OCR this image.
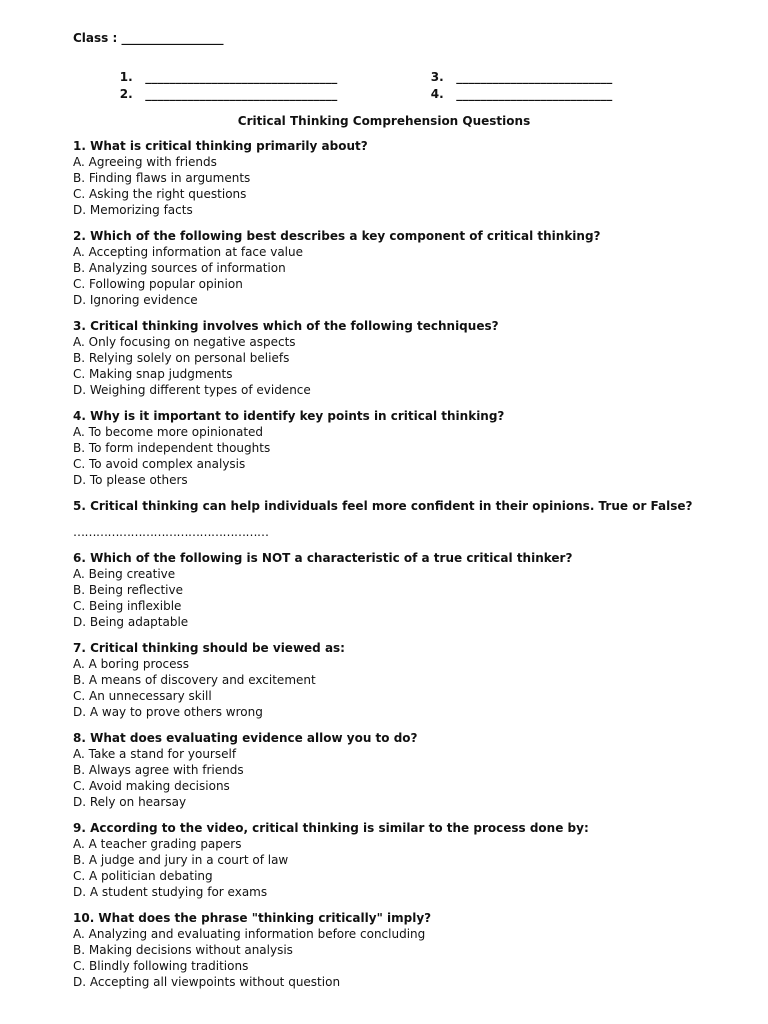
Class : _________________

1. ________________________________

2. ________________________________

3. __________________________

4. __________________________

Critical Thinking Comprehension Questions

1. What is critical thinking primarily about?

A. Agreeing with friends

B. Finding flaws in arguments

C. Asking the right questions

D. Memorizing facts

2. Which of the following best describes a key component of critical thinking?

A. Accepting information at face value

B. Analyzing sources of information

C. Following popular opinion

D. Ignoring evidence

3. Critical thinking involves which of the following techniques?

A. Only focusing on negative aspects

B. Relying solely on personal beliefs

C. Making snap judgments

D. Weighing different types of evidence

4. Why is it important to identify key points in critical thinking?

A. To become more opinionated

B. To form independent thoughts

C. To avoid complex analysis

D. To please others

5. Critical thinking can help individuals feel more confident in their opinions. True or False?

……………………………………………

6. Which of the following is NOT a characteristic of a true critical thinker?

A. Being creative

B. Being reflective

C. Being inflexible

D. Being adaptable

7. Critical thinking should be viewed as:

A. A boring process

B. A means of discovery and excitement

C. An unnecessary skill

D. A way to prove others wrong

8. What does evaluating evidence allow you to do?

A. Take a stand for yourself

B. Always agree with friends

C. Avoid making decisions

D. Rely on hearsay

9. According to the video, critical thinking is similar to the process done by:

A. A teacher grading papers

B. A judge and jury in a court of law

C. A politician debating

D. A student studying for exams

10. What does the phrase "thinking critically" imply?

A. Analyzing and evaluating information before concluding

B. Making decisions without analysis

C. Blindly following traditions

D. Accepting all viewpoints without question
